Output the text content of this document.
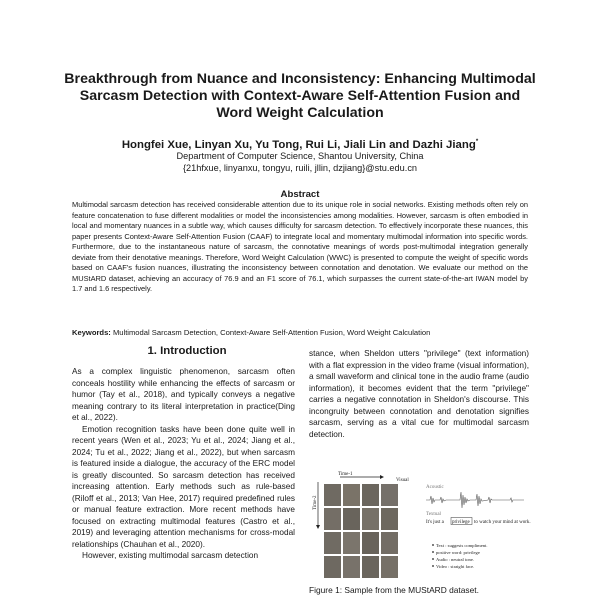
Breakthrough from Nuance and Inconsistency: Enhancing Multimodal Sarcasm Detection with Context-Aware Self-Attention Fusion and Word Weight Calculation
Hongfei Xue, Linyan Xu, Yu Tong, Rui Li, Jiali Lin and Dazhi Jiang*
Department of Computer Science, Shantou University, China
{21hfxue, linyanxu, tongyu, ruili, jllin, dzjiang}@stu.edu.cn
Abstract
Multimodal sarcasm detection has received considerable attention due to its unique role in social networks. Existing methods often rely on feature concatenation to fuse different modalities or model the inconsistencies among modalities. However, sarcasm is often embodied in local and momentary nuances in a subtle way, which causes difficulty for sarcasm detection. To effectively incorporate these nuances, this paper presents Context-Aware Self-Attention Fusion (CAAF) to integrate local and momentary multimodal information into specific words. Furthermore, due to the instantaneous nature of sarcasm, the connotative meanings of words post-multimodal integration generally deviate from their denotative meanings. Therefore, Word Weight Calculation (WWC) is presented to compute the weight of specific words based on CAAF's fusion nuances, illustrating the inconsistency between connotation and denotation. We evaluate our method on the MUStARD dataset, achieving an accuracy of 76.9 and an F1 score of 76.1, which surpasses the current state-of-the-art IWAN model by 1.7 and 1.6 respectively.
Keywords: Multimodal Sarcasm Detection, Context-Aware Self-Attention Fusion, Word Weight Calculation
1. Introduction

As a complex linguistic phenomenon, sarcasm often conceals hostility while enhancing the effects of sarcasm or humor (Tay et al., 2018), and typically conveys a negative meaning contrary to its literal interpretation in practice(Ding et al., 2022).

Emotion recognition tasks have been done quite well in recent years (Wen et al., 2023; Yu et al., 2024; Jiang et al., 2024; Tu et al., 2022; Jiang et al., 2022), but when sarcasm is featured inside a dialogue, the accuracy of the ERC model is greatly discounted. So sarcasm detection has received increasing attention. Early methods such as rule-based (Riloff et al., 2013; Van Hee, 2017) required predefined rules or manual feature extraction. More recent methods have focused on extracting multimodal features (Castro et al., 2019) and leveraging attention mechanisms for cross-modal relationships (Chauhan et al., 2020).

However, existing multimodal sarcasm detection

stance, when Sheldon utters "privilege" (text information) with a flat expression in the video frame (visual information), a small waveform and clinical tone in the audio frame (audio information), it becomes evident that the term "privilege" carries a negative connotation in Sheldon's discourse. This incongruity between connotation and denotation signifies sarcasm, serving as a vital cue for multimodal sarcasm detection.
Time-1
Time-2
Visual
Acoustic
Textual
It's just a privilege to watch your mind at work.
Text : suggests compliment.
positive word: privilege
Audio : neutral tone.
Video : straight face.
Figure 1: Sample from the MUStARD dataset.
